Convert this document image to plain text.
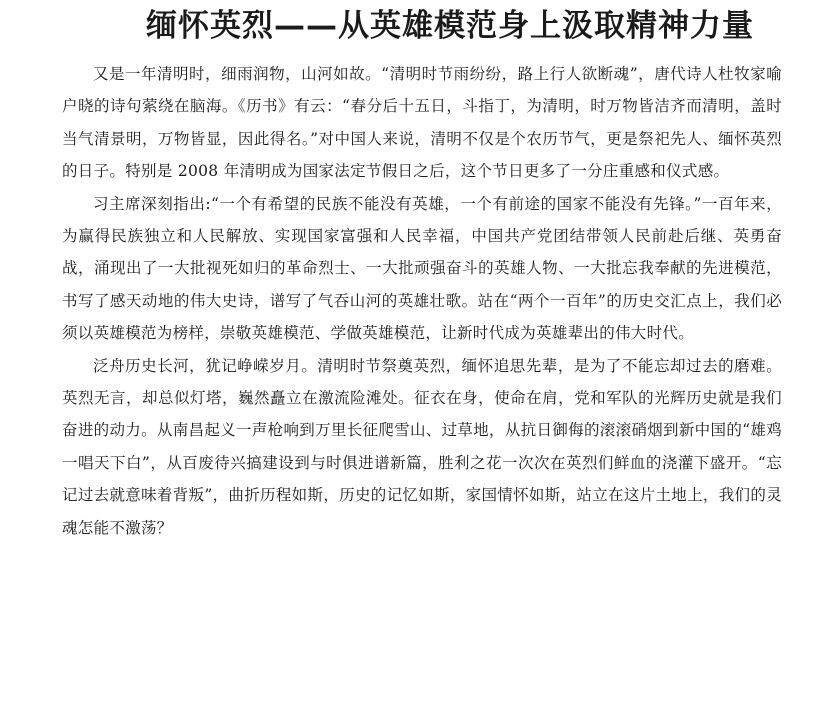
缅怀英烈——从英雄模范身上汲取精神力量

又是一年清明时，细雨润物，山河如故。“清明时节雨纷纷，路上行人欲断魂”，唐代诗人杜牧家喻户晓的诗句萦绕在脑海。《历书》有云：“春分后十五日，斗指丁，为清明，时万物皆洁齐而清明，盖时当气清景明，万物皆显，因此得名。”对中国人来说，清明不仅是个农历节气，更是祭祀先人、缅怀英烈的日子。特别是 2008 年清明成为国家法定节假日之后，这个节日更多了一分庄重感和仪式感。

习主席深刻指出:“一个有希望的民族不能没有英雄，一个有前途的国家不能没有先锋。”一百年来，为赢得民族独立和人民解放、实现国家富强和人民幸福，中国共产党团结带领人民前赴后继、英勇奋战，涌现出了一大批视死如归的革命烈士、一大批顽强奋斗的英雄人物、一大批忘我奉献的先进模范，书写了感天动地的伟大史诗，谱写了气吞山河的英雄壮歌。站在“两个一百年”的历史交汇点上，我们必须以英雄模范为榜样，崇敬英雄模范、学做英雄模范，让新时代成为英雄辈出的伟大时代。

泛舟历史长河，犹记峥嵘岁月。清明时节祭奠英烈，缅怀追思先辈，是为了不能忘却过去的磨难。英烈无言，却总似灯塔，巍然矗立在激流险滩处。征衣在身，使命在肩，党和军队的光辉历史就是我们奋进的动力。从南昌起义一声枪响到万里长征爬雪山、过草地，从抗日御侮的滚滚硝烟到新中国的“雄鸡一唱天下白”，从百废待兴搞建设到与时俱进谱新篇，胜利之花一次次在英烈们鲜血的浇灌下盛开。“忘记过去就意味着背叛”，曲折历程如斯，历史的记忆如斯，家国情怀如斯，站立在这片土地上，我们的灵魂怎能不激荡？
